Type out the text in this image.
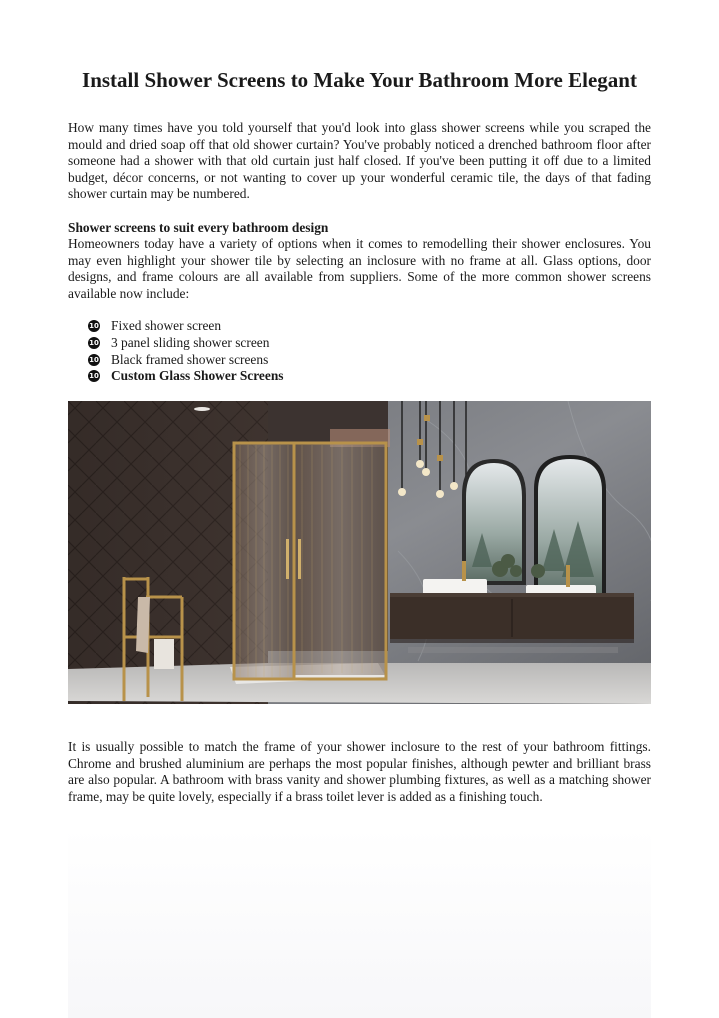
Install Shower Screens to Make Your Bathroom More Elegant

How many times have you told yourself that you'd look into glass shower screens while you scraped the mould and dried soap off that old shower curtain? You've probably noticed a drenched bathroom floor after someone had a shower with that old curtain just half closed. If you've been putting it off due to a limited budget, décor concerns, or not wanting to cover up your wonderful ceramic tile, the days of that fading shower curtain may be numbered.

Shower screens to suit every bathroom design

Homeowners today have a variety of options when it comes to remodelling their shower enclosures. You may even highlight your shower tile by selecting an inclosure with no frame at all. Glass options, door designs, and frame colours are all available from suppliers. Some of the more common shower screens available now include:

10 Fixed shower screen
10 3 panel sliding shower screen
10 Black framed shower screens
10 Custom Glass Shower Screens

It is usually possible to match the frame of your shower inclosure to the rest of your bathroom fittings. Chrome and brushed aluminium are perhaps the most popular finishes, although pewter and brilliant brass are also popular. A bathroom with brass vanity and shower plumbing fixtures, as well as a matching shower frame, may be quite lovely, especially if a brass toilet lever is added as a finishing touch.
